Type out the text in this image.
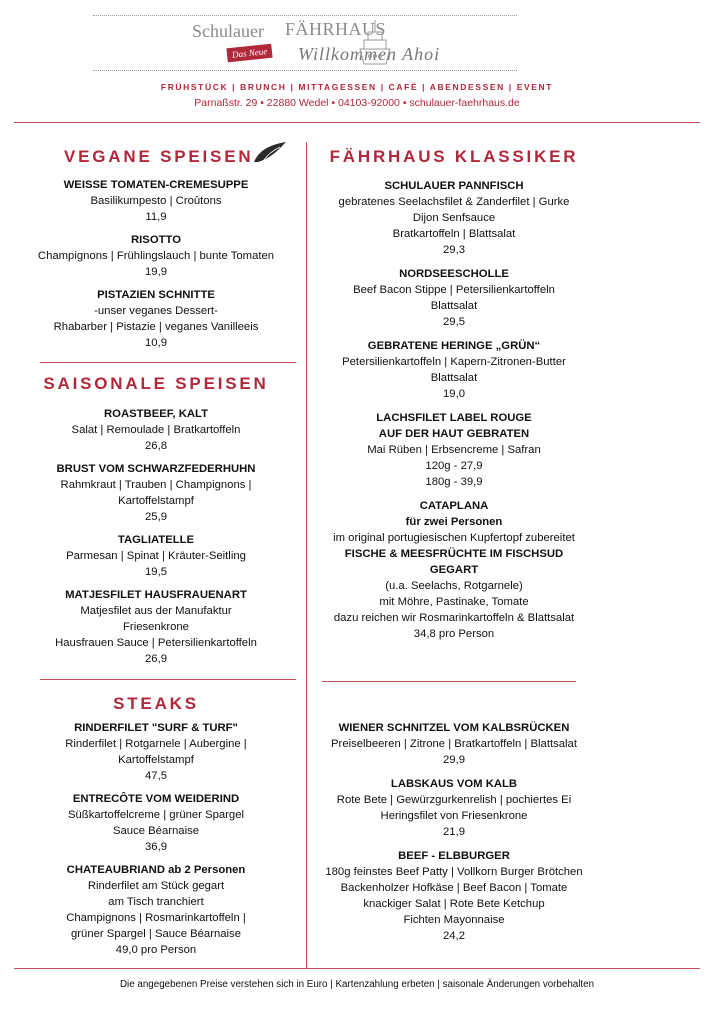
Schulauer FÄHRHAUS
Das Neue Willkommen Ahoi
FRÜHSTÜCK | BRUNCH | MITTAGESSEN | CAFÉ | ABENDESSEN | EVENT
Parnaßstr. 29 • 22880 Wedel • 04103-92000 • schulauer-faehrhaus.de
VEGANE SPEISEN
WEISSE TOMATEN-CREMESUPPE
Basilikumpesto | Croûtons
11,9
RISOTTO
Champignons | Frühlingslauch | bunte Tomaten
19,9
PISTAZIEN SCHNITTE
-unser veganes Dessert-
Rhabarber | Pistazie | veganes Vanilleeis
10,9
SAISONALE SPEISEN
ROASTBEEF, KALT
Salat | Remoulade | Bratkartoffeln
26,8
BRUST VOM SCHWARZFEDERHUHN
Rahmkraut | Trauben | Champignons |
Kartoffelstampf
25,9
TAGLIATELLE
Parmesan | Spinat | Kräuter-Seitling
19,5
MATJESFILET HAUSFRAUENART
Matjesfilet aus der Manufaktur
Friesenkrone
Hausfrauen Sauce | Petersilienkartoffeln
26,9
STEAKS
RINDERFILET "SURF & TURF"
Rinderfilet | Rotgarnele | Aubergine |
Kartoffelstampf
47,5
ENTRECÔTE VOM WEIDERIND
Süßkartoffelcreme | grüner Spargel
Sauce Béarnaise
36,9
CHATEAUBRIAND ab 2 Personen
Rinderfilet am Stück gegart
am Tisch tranchiert
Champignons | Rosmarinkartoffeln |
grüner Spargel | Sauce Béarnaise
49,0 pro Person
FÄHRHAUS KLASSIKER
SCHULAUER PANNFISCH
gebratenes Seelachsfilet & Zanderfilet | Gurke
Dijon Senfsauce
Bratkartoffeln | Blattsalat
29,3
NORDSEESCHOLLE
Beef Bacon Stippe | Petersilienkartoffeln
Blattsalat
29,5
GEBRATENE HERINGE „GRÜN“
Petersilienkartoffeln | Kapern-Zitronen-Butter
Blattsalat
19,0
LACHSFILET LABEL ROUGE
AUF DER HAUT GEBRATEN
Mai Rüben | Erbsencreme | Safran
120g - 27,9
180g - 39,9
CATAPLANA
für zwei Personen
im original portugiesischen Kupfertopf zubereitet
FISCHE & MEESFRÜCHTE IM FISCHSUD
GEGART
(u.a. Seelachs, Rotgarnele)
mit Möhre, Pastinake, Tomate
dazu reichen wir Rosmarinkartoffeln & Blattsalat
34,8 pro Person
WIENER SCHNITZEL VOM KALBSRÜCKEN
Preiselbeeren | Zitrone | Bratkartoffeln | Blattsalat
29,9
LABSKAUS VOM KALB
Rote Bete | Gewürzgurkenrelish | pochiertes Ei
Heringsfilet von Friesenkrone
21,9
BEEF - ELBBURGER
180g feinstes Beef Patty | Vollkorn Burger Brötchen
Backenholzer Hofkäse | Beef Bacon | Tomate
knackiger Salat | Rote Bete Ketchup
Fichten Mayonnaise
24,2
Die angegebenen Preise verstehen sich in Euro | Kartenzahlung erbeten | saisonale Änderungen vorbehalten
